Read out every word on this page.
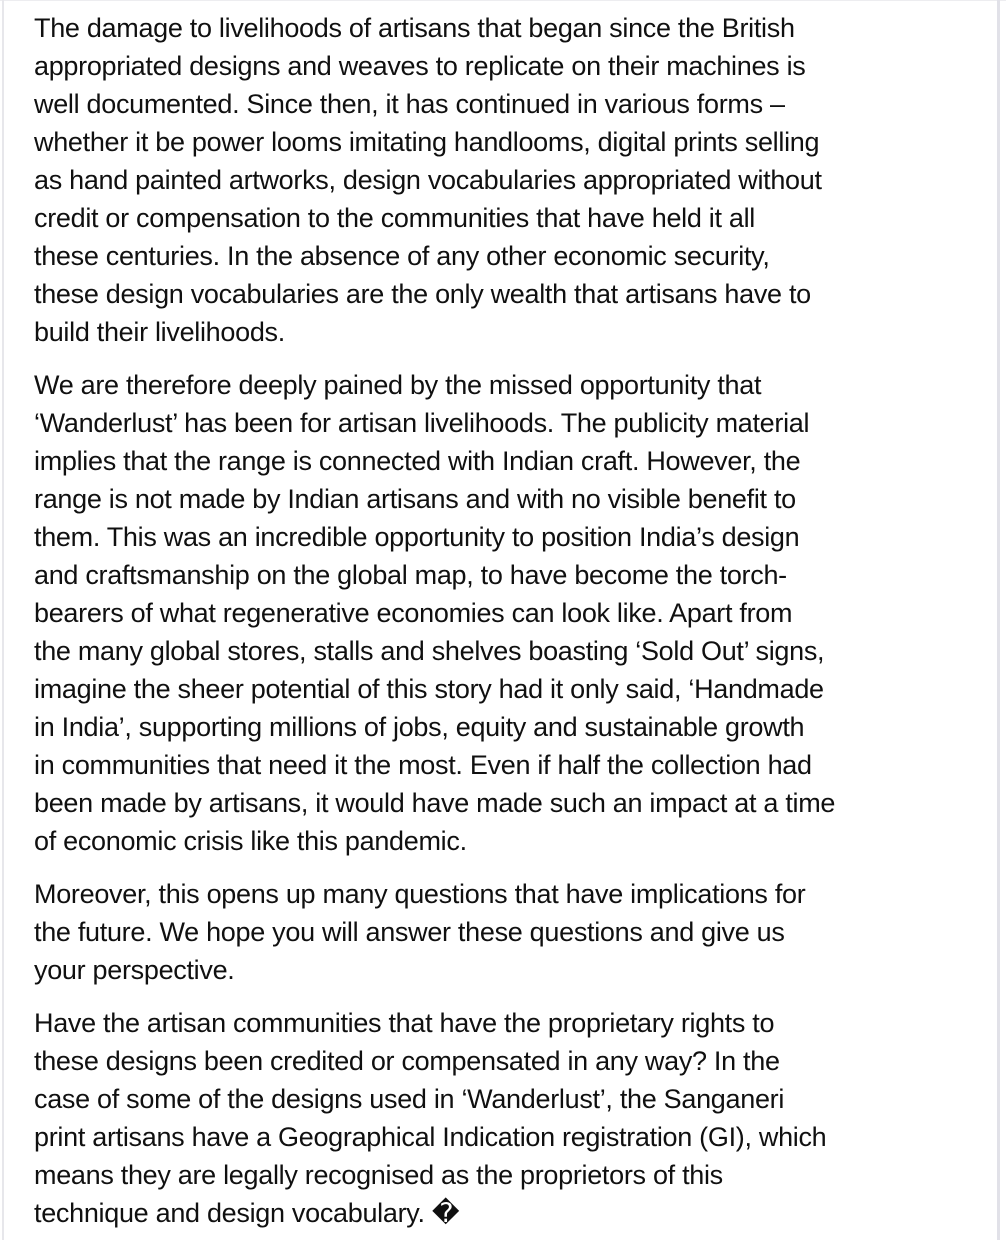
The damage to livelihoods of artisans that began since the British
appropriated designs and weaves to replicate on their machines is
well documented. Since then, it has continued in various forms –
whether it be power looms imitating handlooms, digital prints selling
as hand painted artworks, design vocabularies appropriated without
credit or compensation to the communities that have held it all
these centuries. In the absence of any other economic security,
these design vocabularies are the only wealth that artisans have to
build their livelihoods.

We are therefore deeply pained by the missed opportunity that
‘Wanderlust’ has been for artisan livelihoods. The publicity material
implies that the range is connected with Indian craft. However, the
range is not made by Indian artisans and with no visible benefit to
them. This was an incredible opportunity to position India’s design
and craftsmanship on the global map, to have become the torch-
bearers of what regenerative economies can look like. Apart from
the many global stores, stalls and shelves boasting ‘Sold Out’ signs,
imagine the sheer potential of this story had it only said, ‘Handmade
in India’, supporting millions of jobs, equity and sustainable growth
in communities that need it the most. Even if half the collection had
been made by artisans, it would have made such an impact at a time
of economic crisis like this pandemic.

Moreover, this opens up many questions that have implications for
the future. We hope you will answer these questions and give us
your perspective.

Have the artisan communities that have the proprietary rights to
these designs been credited or compensated in any way? In the
case of some of the designs used in ‘Wanderlust’, the Sanganeri
print artisans have a Geographical Indication registration (GI), which
means they are legally recognised as the proprietors of this
technique and design vocabulary. �
